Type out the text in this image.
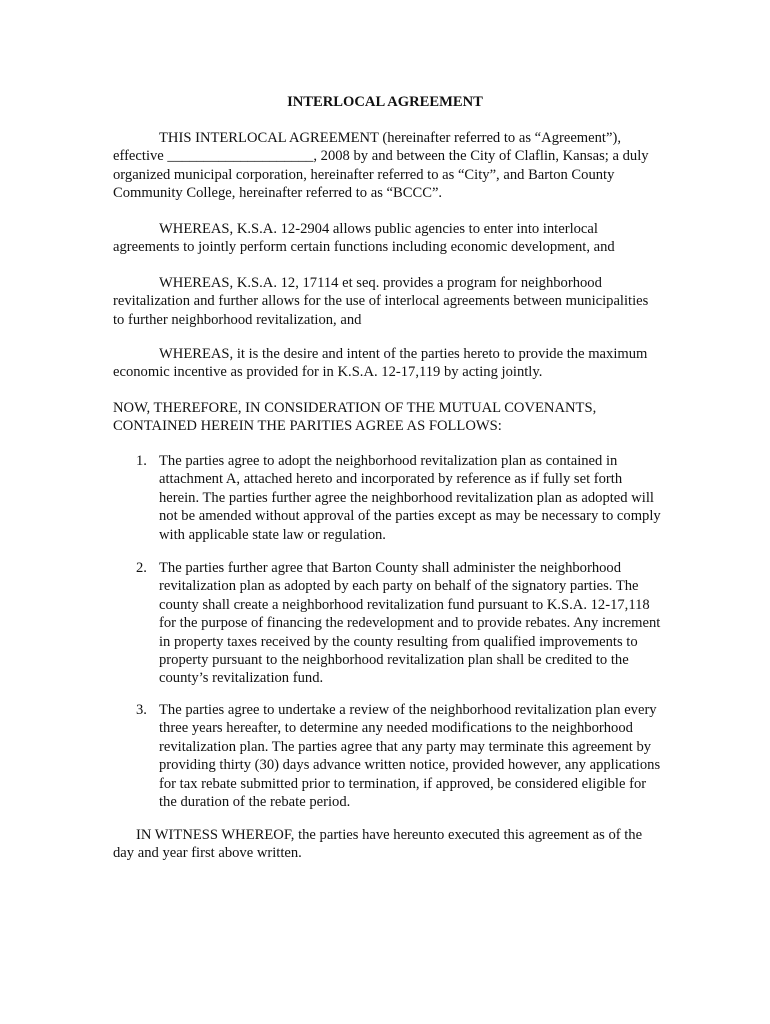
INTERLOCAL AGREEMENT
THIS INTERLOCAL AGREEMENT (hereinafter referred to as “Agreement”), effective ____________________, 2008 by and between the City of Claflin, Kansas; a duly organized municipal corporation, hereinafter referred to as “City”, and Barton County Community College, hereinafter referred to as “BCCC”.
WHEREAS, K.S.A. 12-2904 allows public agencies to enter into interlocal agreements to jointly perform certain functions including economic development, and
WHEREAS, K.S.A. 12, 17114 et seq. provides a program for neighborhood revitalization and further allows for the use of interlocal agreements between municipalities to further neighborhood revitalization, and
WHEREAS, it is the desire and intent of the parties hereto to provide the maximum economic incentive as provided for in K.S.A. 12-17,119 by acting jointly.
NOW, THEREFORE, IN CONSIDERATION OF THE MUTUAL COVENANTS, CONTAINED HEREIN THE PARITIES AGREE AS FOLLOWS:
1. The parties agree to adopt the neighborhood revitalization plan as contained in attachment A, attached hereto and incorporated by reference as if fully set forth herein. The parties further agree the neighborhood revitalization plan as adopted will not be amended without approval of the parties except as may be necessary to comply with applicable state law or regulation.
2. The parties further agree that Barton County shall administer the neighborhood revitalization plan as adopted by each party on behalf of the signatory parties. The county shall create a neighborhood revitalization fund pursuant to K.S.A. 12-17,118 for the purpose of financing the redevelopment and to provide rebates. Any increment in property taxes received by the county resulting from qualified improvements to property pursuant to the neighborhood revitalization plan shall be credited to the county’s revitalization fund.
3. The parties agree to undertake a review of the neighborhood revitalization plan every three years hereafter, to determine any needed modifications to the neighborhood revitalization plan. The parties agree that any party may terminate this agreement by providing thirty (30) days advance written notice, provided however, any applications for tax rebate submitted prior to termination, if approved, be considered eligible for the duration of the rebate period.
IN WITNESS WHEREOF, the parties have hereunto executed this agreement as of the day and year first above written.
